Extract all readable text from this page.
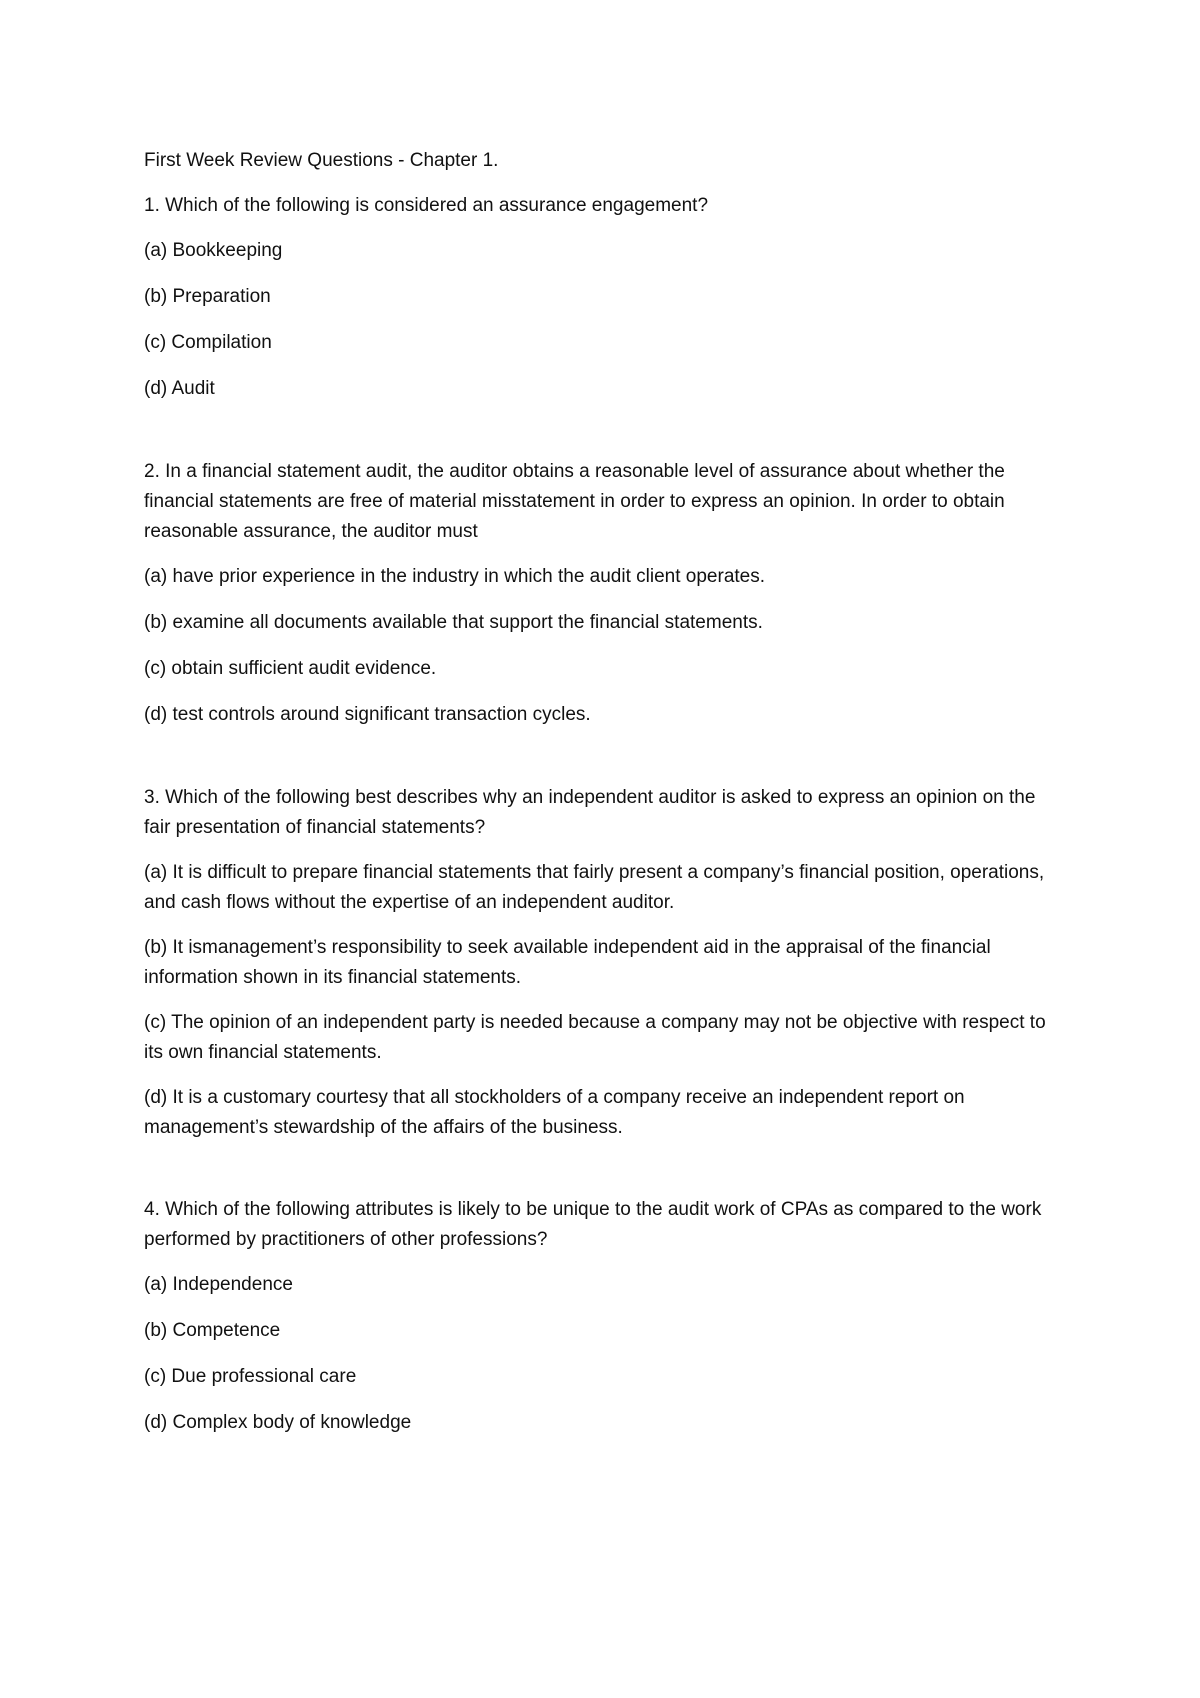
First Week Review Questions - Chapter 1.

1. Which of the following is considered an assurance engagement?

(a) Bookkeeping

(b) Preparation

(c) Compilation

(d) Audit

2. In a financial statement audit, the auditor obtains a reasonable level of assurance about whether the financial statements are free of material misstatement in order to express an opinion. In order to obtain reasonable assurance, the auditor must

(a) have prior experience in the industry in which the audit client operates.

(b) examine all documents available that support the financial statements.

(c) obtain sufficient audit evidence.

(d) test controls around significant transaction cycles.

3. Which of the following best describes why an independent auditor is asked to express an opinion on the fair presentation of financial statements?

(a) It is difficult to prepare financial statements that fairly present a company’s financial position, operations, and cash flows without the expertise of an independent auditor.

(b) It ismanagement’s responsibility to seek available independent aid in the appraisal of the financial information shown in its financial statements.

(c) The opinion of an independent party is needed because a company may not be objective with respect to its own financial statements.

(d) It is a customary courtesy that all stockholders of a company receive an independent report on management’s stewardship of the affairs of the business.

4. Which of the following attributes is likely to be unique to the audit work of CPAs as compared to the work performed by practitioners of other professions?

(a) Independence

(b) Competence

(c) Due professional care

(d) Complex body of knowledge
